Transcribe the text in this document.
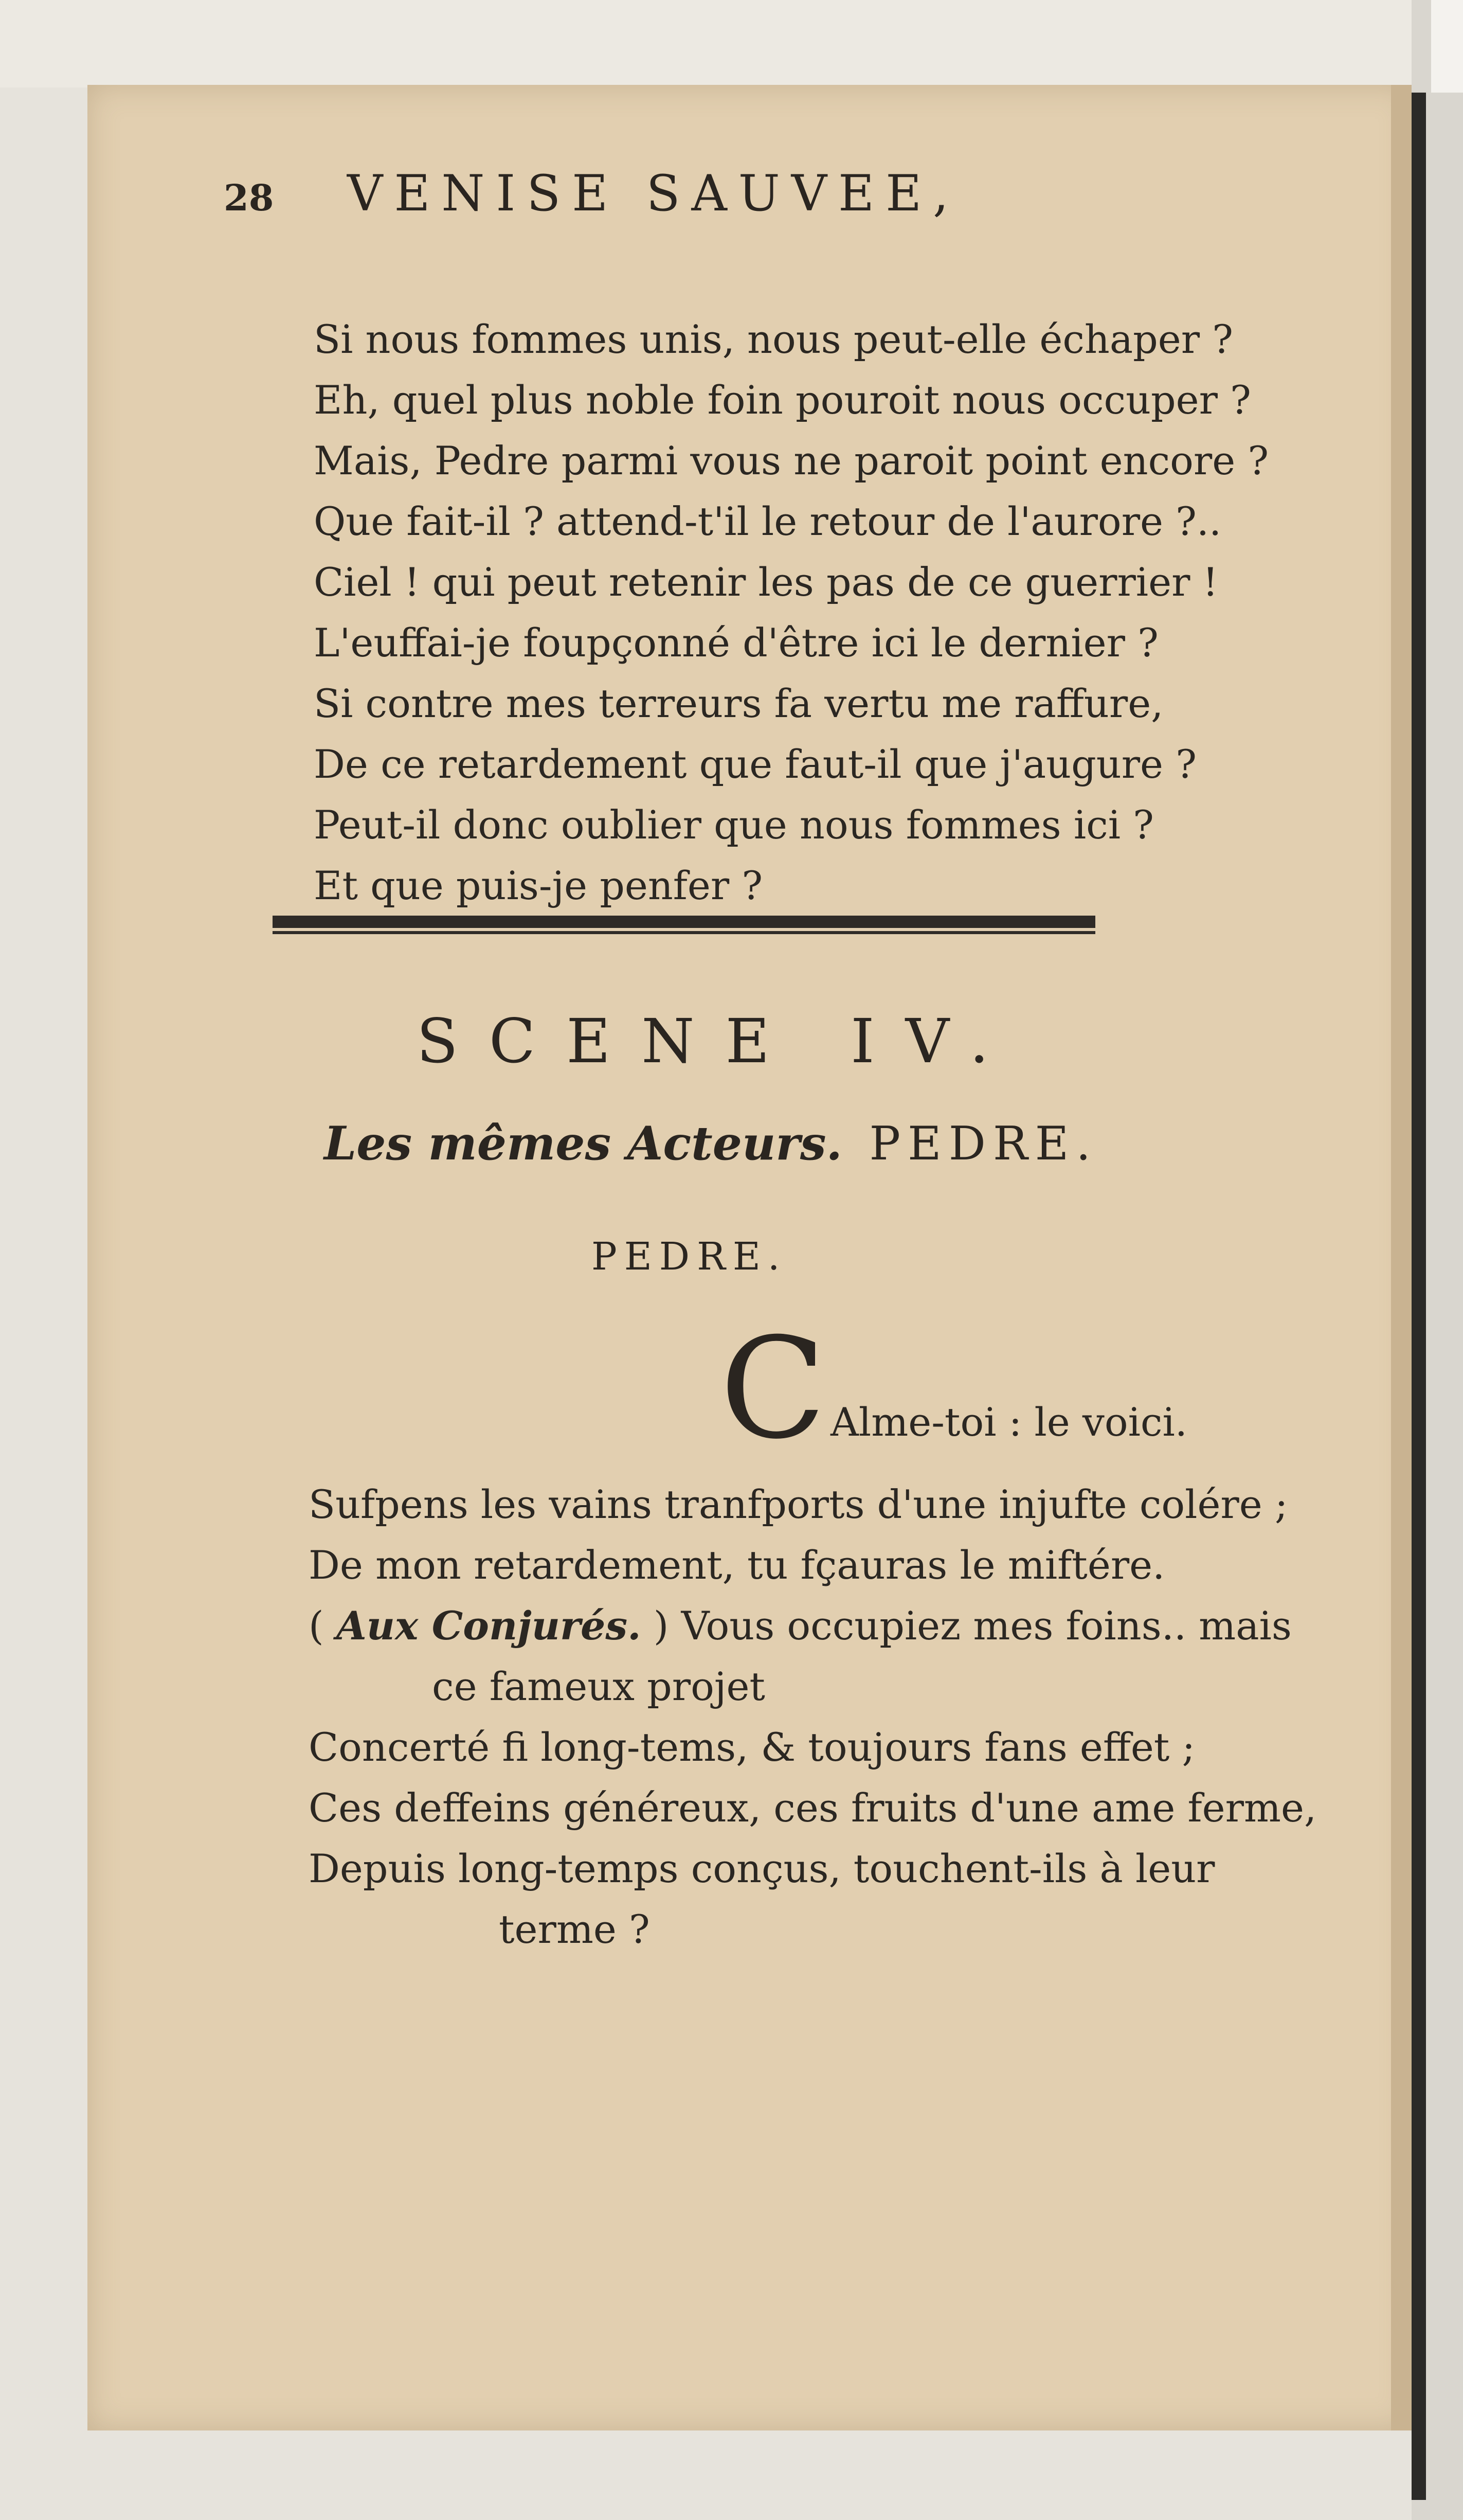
28	VENISE SAUVEE,
Si nous fommes unis, nous peut-elle échaper ?
Eh, quel plus noble foin pouroit nous occuper ?
Mais, Pedre parmi vous ne paroit point encore ?
Que fait-il ? attend-t'il le retour de l'aurore ?..
Ciel ! qui peut retenir les pas de ce guerrier !
L'euffai-je foupçonné d'être ici le dernier ?
Si contre mes terreurs fa vertu me raffure,
De ce retardement que faut-il que j'augure ?
Peut-il donc oublier que nous fommes ici ?
Et que puis-je penfer ?
SCENE IV.
Les mêmes Acteurs. PEDRE.
PEDRE.
C Alme-toi : le voici.
Sufpens les vains tranfports d'une injufte colére ;
De mon retardement, tu fçauras le miftére.
( Aux Conjurés. ) Vous occupiez mes foins.. mais
ce fameux projet
Concerté fi long-tems, & toujours fans effet ;
Ces deffeins généreux, ces fruits d'une ame ferme,
Depuis long-temps conçus, touchent-ils à leur
terme ?
